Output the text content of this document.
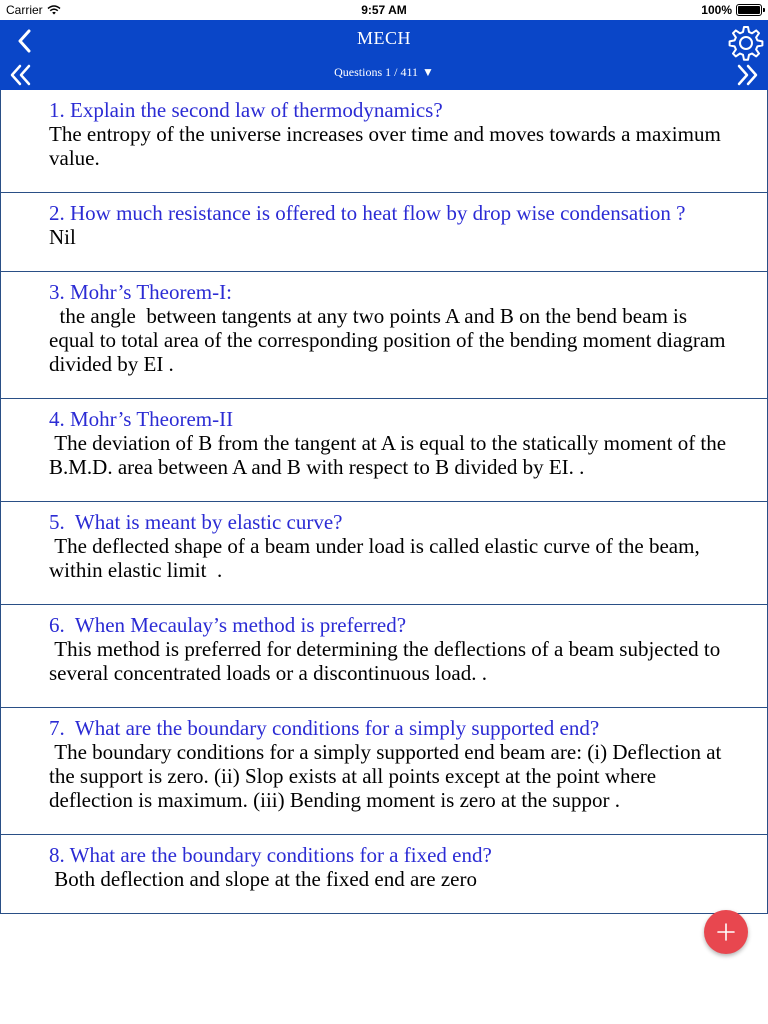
Carrier	9:57 AM	100%
MECH
Questions 1 / 411 ▼
1. Explain the second law of thermodynamics?
The entropy of the universe increases over time and moves towards a maximum value.
2. How much resistance is offered to heat flow by drop wise condensation ?
Nil
3. Mohr’s Theorem-I:
the angle  between tangents at any two points A and B on the bend beam is equal to total area of the corresponding position of the bending moment diagram divided by EI .
4. Mohr’s Theorem-II
The deviation of B from the tangent at A is equal to the statically moment of the B.M.D. area between A and B with respect to B divided by EI. .
5.  What is meant by elastic curve?
The deflected shape of a beam under load is called elastic curve of the beam, within elastic limit  .
6.  When Mecaulay’s method is preferred?
This method is preferred for determining the deflections of a beam subjected to several concentrated loads or a discontinuous load. .
7.  What are the boundary conditions for a simply supported end?
The boundary conditions for a simply supported end beam are: (i) Deflection at the support is zero. (ii) Slop exists at all points except at the point where deflection is maximum. (iii) Bending moment is zero at the suppor .
8. What are the boundary conditions for a fixed end?
Both deflection and slope at the fixed end are zero
